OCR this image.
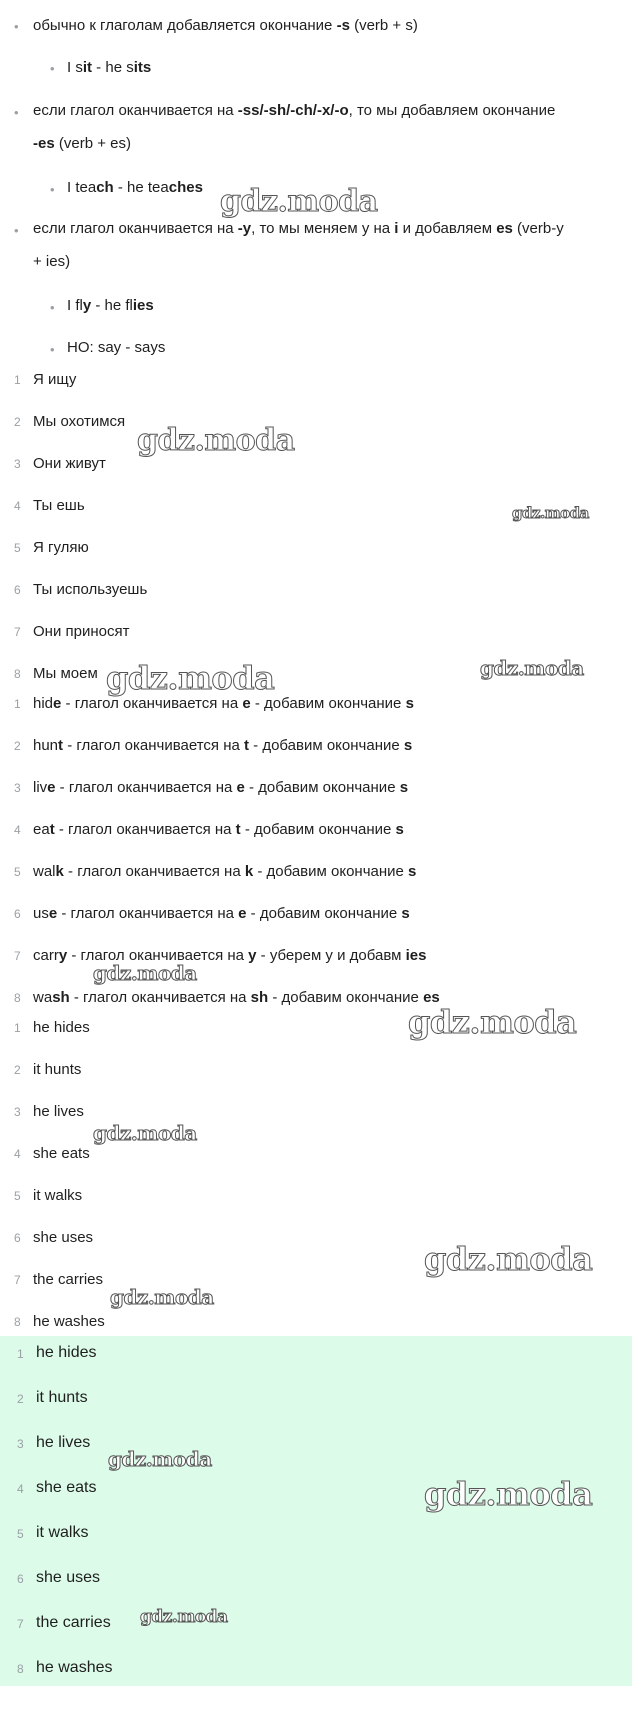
• обычно к глаголам добавляется окончание -s (verb + s)
• I sit - he sits
• если глагол оканчивается на -ss/-sh/-ch/-x/-o, то мы добавляем окончание
-es (verb + es)
• I teach - he teaches
• если глагол оканчивается на -y, то мы меняем у на i и добавляем es (verb-y
+ ies)
• I fly - he flies
• НО: say - says
1 Я ищу
2 Мы охотимся
3 Они живут
4 Ты ешь
5 Я гуляю
6 Ты используешь
7 Они приносят
8 Мы моем
1 hide - глагол оканчивается на e - добавим окончание s
2 hunt - глагол оканчивается на t - добавим окончание s
3 live - глагол оканчивается на e - добавим окончание s
4 eat - глагол оканчивается на t - добавим окончание s
5 walk - глагол оканчивается на k - добавим окончание s
6 use - глагол оканчивается на e - добавим окончание s
7 carry - глагол оканчивается на y - уберем у и добавм ies
8 wash - глагол оканчивается на sh - добавим окончание es
1 he hides
2 it hunts
3 he lives
4 she eats
5 it walks
6 she uses
7 the carries
8 he washes
1 he hides
2 it hunts
3 he lives
4 she eats
5 it walks
6 she uses
7 the carries
8 he washes
gdz.moda
gdz.moda
gdz.moda
gdz.moda	gdz.moda
gdz.moda
gdz.moda
gdz.moda
gdz.moda
gdz.moda
gdz.moda
gdz.moda
gdz.moda
